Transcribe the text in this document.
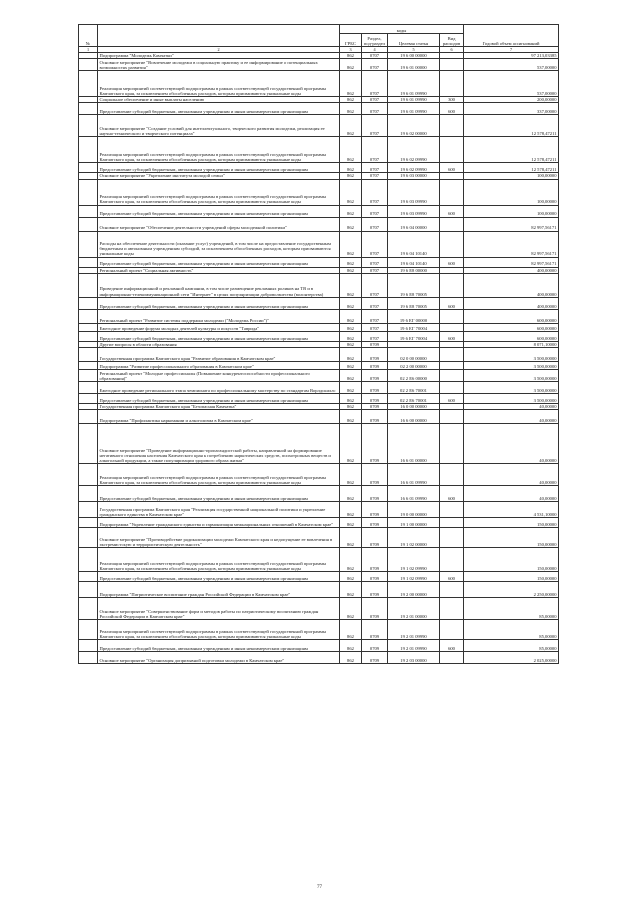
№		коды				Годовой объем ассигнований
		ГРБС	Раздел, под-раздел	Целевая статья	Вид расходов	
1	2	3	4	5	6	7
	Подпрограмма "Молодежь Камчатки"	862	0707	19 6 00 00000		97 213,03385
	Основное мероприятие "Вовлечение молодежи в социальную практику и ее информирование о потенциальных возможностях развития"	862	0707	19 6 01 00000		537,00000
	Реализация мероприятий соответствующей подпрограммы в рамках соответствующей государственной программы Камчатского края, за исключением обособленных расходов, которым присваиваются уникальные коды	862	0707	19 6 01 09990		537,00000
	Социальное обеспечение и иные выплаты населению	862	0707	19 6 01 09990	300	200,00000
	Предоставление субсидий бюджетным, автономным учреждениям и иным некоммерческим организациям	862	0707	19 6 01 09990	600	337,00000
	Основное мероприятие "Создание условий для интеллектуального, творческого развития молодежи, реализация ее научно-технического и творческого потенциала"	862	0707	19 6 02 00000		12 578,47211
	Реализация мероприятий соответствующей подпрограммы в рамках соответствующей государственной программы Камчатского края, за исключением обособленных расходов, которым присваиваются уникальные коды	862	0707	19 6 02 09990		12 578,47211
	Предоставление субсидий бюджетным, автономным учреждениям и иным некоммерческим организациям	862	0707	19 6 02 09990	600	12 578,47211
	Основное мероприятие "Укрепление института молодой семьи"	862	0707	19 6 03 00000		100,00000
	Реализация мероприятий соответствующей подпрограммы в рамках соответствующей государственной программы Камчатского края, за исключением обособленных расходов, которым присваиваются уникальные коды	862	0707	19 6 03 09990		100,00000
	Предоставление субсидий бюджетным, автономным учреждениям и иным некоммерческим организациям	862	0707	19 6 03 09990	600	100,00000
	Основное мероприятие "Обеспечение деятельности учреждений сферы молодежной политики"	862	0707	19 6 04 00000		82 997,56171
	Расходы на обеспечение деятельности (оказание услуг) учреждений, в том числе на предоставление государственным бюджетным и автономным учреждениям субсидий, за исключением обособленных расходов, которым присваиваются уникальные коды	862	0707	19 6 04 10140		82 997,56171
	Предоставление субсидий бюджетным, автономным учреждениям и иным некоммерческим организациям	862	0707	19 6 04 10140	600	82 997,56171
	Региональный проект "Социальная активность"	862	0707	19 6 E8 00000		400,00000
	Проведение информационной и рекламной кампании, в том числе размещение рекламных роликов на ТВ и в информационно-телекоммуникационной сети "Интернет" в целях популяризации добровольчества (волонтерства)	862	0707	19 6 E8 70005		400,00000
	Предоставление субсидий бюджетным, автономным учреждениям и иным некоммерческим организациям	862	0707	19 6 E8 70005	600	400,00000
	Региональный проект "Развитие системы поддержки молодежи ("Молодежь России")"	862	0707	19 6 EГ 00000		600,00000
	Ежегодное проведение форума молодых деятелей культуры и искусств "Таврида"	862	0707	19 6 EГ 70004		600,00000
	Предоставление субсидий бюджетным, автономным учреждениям и иным некоммерческим организациям	862	0707	19 6 EГ 70004	600	600,00000
	Другие вопросы в области образования	862	0709			8 071,10000
	Государственная программа Камчатского края "Развитие образования в Камчатском крае"	862	0709	02 0 00 00000		3 500,00000
	Подпрограмма "Развитие профессионального образования в Камчатском крае"	862	0709	02 2 00 00000		3 500,00000
	Региональный проект "Молодые профессионалы (Повышение конкурентоспособности профессионального образования)"	862	0709	02 2 E6 00000		3 500,00000
	Ежегодное проведение регионального этапа чемпионата по профессиональному мастерству по стандартам Ворлдскиллс	862	0709	02 2 E6 70001		3 500,00000
	Предоставление субсидий бюджетным, автономным учреждениям и иным некоммерческим организациям	862	0709	02 2 E6 70001	600	3 500,00000
	Государственная программа Камчатского края "Безопасная Камчатка"	862	0709	16 0 00 00000		40,00000
	Подпрограмма "Профилактика наркомании и алкоголизма в Камчатском крае"	862	0709	16 6 00 00000		40,00000
	Основное мероприятие "Проведение информационно-пропагандистской работы, направленной на формирование негативного отношения населения Камчатского края к потреблению наркотических средств, психотропных веществ и алкогольной продукции, а также популяризации здорового образа жизни"	862	0709	16 6 01 00000		40,00000
	Реализация мероприятий соответствующей подпрограммы в рамках соответствующей государственной программы Камчатского края, за исключением обособленных расходов, которым присваиваются уникальные коды	862	0709	16 6 01 09990		40,00000
	Предоставление субсидий бюджетным, автономным учреждениям и иным некоммерческим организациям	862	0709	16 6 01 09990	600	40,00000
	Государственная программа Камчатского края "Реализация государственной национальной политики и укрепление гражданского единства в Камчатском крае"	862	0709	19 0 00 00000		4 531,10000
	Подпрограмма "Укрепление гражданского единства и гармонизация межнациональных отношений в Камчатском крае"	862	0709	19 1 00 00000		150,00000
	Основное мероприятие "Противодействие радикализации молодежи Камчатского края и недопущение ее вовлечения в экстремистскую и террористическую деятельность"	862	0709	19 1 02 00000		150,00000
	Реализация мероприятий соответствующей подпрограммы в рамках соответствующей государственной программы Камчатского края, за исключением обособленных расходов, которым присваиваются уникальные коды	862	0709	19 1 02 09990		150,00000
	Предоставление субсидий бюджетным, автономным учреждениям и иным некоммерческим организациям	862	0709	19 1 02 09990	600	150,00000
	Подпрограмма "Патриотическое воспитание граждан Российской Федерации в Камчатском крае"	862	0709	19 2 00 00000		2 250,00000
	Основное мероприятие "Совершенствование форм и методов работы по патриотическому воспитанию граждан Российской Федерации в Камчатском крае"	862	0709	19 2 01 00000		85,00000
	Реализация мероприятий соответствующей подпрограммы в рамках соответствующей государственной программы Камчатского края, за исключением обособленных расходов, которым присваиваются уникальные коды	862	0709	19 2 01 09990		85,00000
	Предоставление субсидий бюджетным, автономным учреждениям и иным некоммерческим организациям	862	0709	19 2 01 09990	600	85,00000
	Основное мероприятие "Организация допризывной подготовки молодежи в Камчатском крае"	862	0709	19 2 03 00000		2 025,00000
77
